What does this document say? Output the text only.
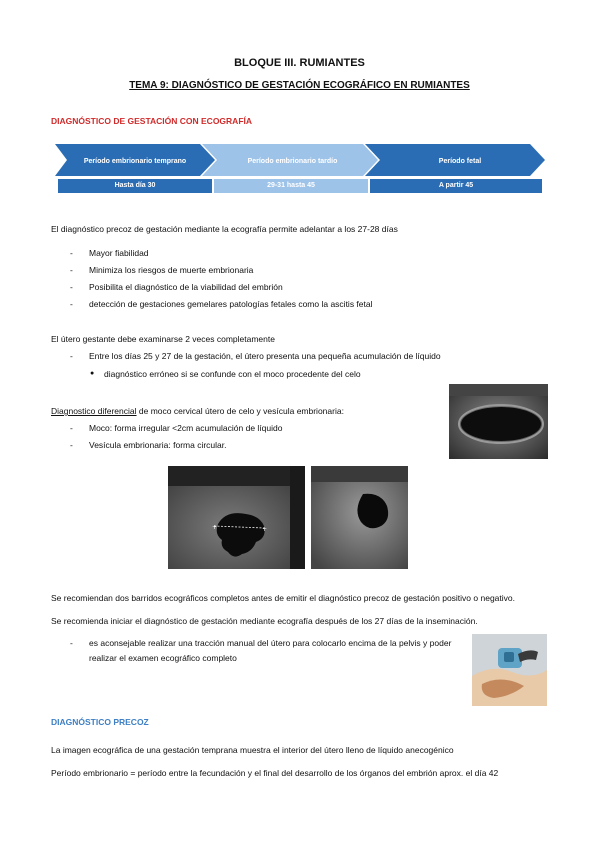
BLOQUE III. RUMIANTES
TEMA 9: DIAGNÓSTICO DE GESTACIÓN ECOGRÁFICO EN RUMIANTES
DIAGNÓSTICO DE GESTACIÓN CON ECOGRAFÍA
Período embrionario temprano	Período embrionario tardío	Período fetal
Hasta día 30	29-31 hasta 45	A partir 45
El diagnóstico precoz de gestación mediante la ecografía permite adelantar a los 27-28 días
- Mayor fiabilidad
- Minimiza los riesgos de muerte embrionaria
- Posibilita el diagnóstico de la viabilidad del embrión
- detección de gestaciones gemelares patologías fetales como la ascitis fetal
El útero gestante debe examinarse 2 veces completamente
- Entre los días 25 y 27 de la gestación, el útero presenta una pequeña acumulación de líquido
● diagnóstico erróneo si se confunde con el moco procedente del celo
Diagnostico diferencial de moco cervical útero de celo y vesícula embrionaria:
- Moco: forma irregular <2cm acumulación de líquido
- Vesícula embrionaria: forma circular.
+	+
Se recomiendan dos barridos ecográficos completos antes de emitir el diagnóstico precoz de gestación positivo o negativo.
Se recomienda iniciar el diagnóstico de gestación mediante ecografía después de los 27 días de la inseminación.
- es aconsejable realizar una tracción manual del útero para colocarlo encima de la pelvis y poder
realizar el examen ecográfico completo
DIAGNÓSTICO PRECOZ
La imagen ecográfica de una gestación temprana muestra el interior del útero lleno de líquido anecogénico
Período embrionario = período entre la fecundación y el final del desarrollo de los órganos del embrión aprox. el día 42
